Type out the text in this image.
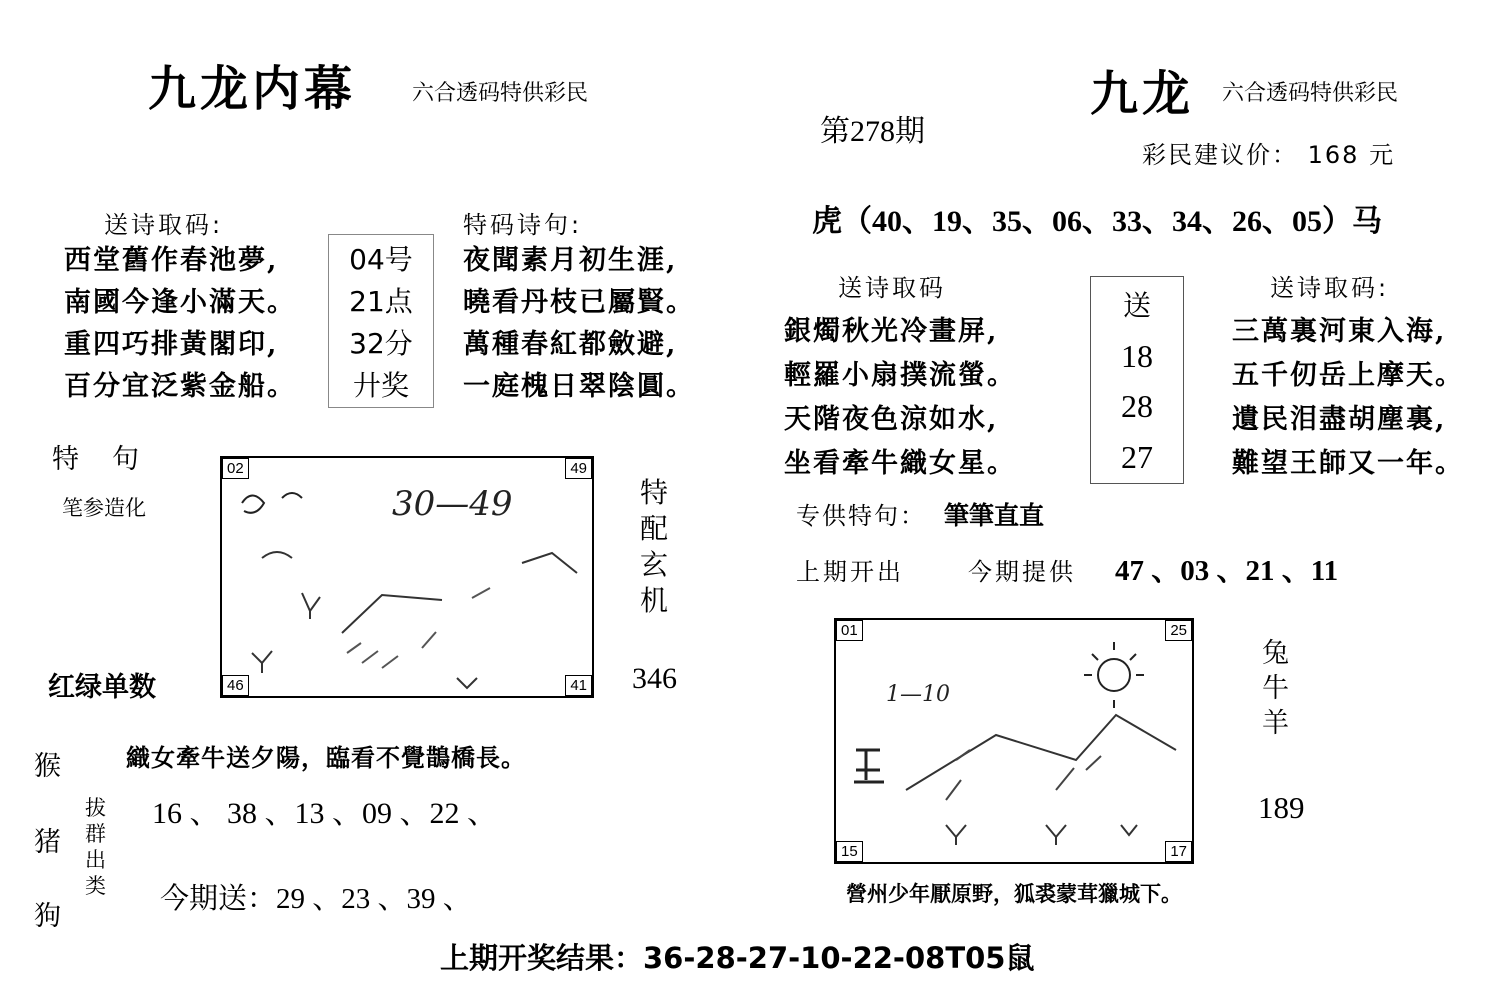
九龙内幕	六合透码特供彩民
送诗取码:
西堂舊作春池夢,
南國今逢小滿天。
重四巧排黃閣印,
百分宜泛紫金船。
04号
21点
32分
廾奖
特码诗句:
夜聞素月初生涯,
曉看丹枝已屬賢。
萬種春紅都斂避,
一庭槐日翠陰圓。
特　句
笔参造化	30—49
02	49
46	41
特
配
玄
机
红绿单数	346
猴
猪
狗
織女牽牛送夕陽，臨看不覺鵲橋長。
拔
群
出
类
16 、 38 、13 、09 、22 、
今期送：29 、23 、39 、
第278期
九龙 六合透码特供彩民
彩民建议价： 168 元
虎（40、19、35、06、33、34、26、05）马
送诗取码
銀燭秋光冷畫屏,
輕羅小扇撲流螢。
天階夜色涼如水,
坐看牽牛織女星。
送
18
28
27
送诗取码:
三萬裏河東入海,
五千仞岳上摩天。
遺民泪盡胡塵裏,
難望王師又一年。
专供特句： 筆筆直直
上期开出	今期提供 47 、03 、21 、11
1—10
01	25
15	17
兔
牛
羊
189
營州少年厭原野，狐裘蒙茸獵城下。
上期开奖结果：36-28-27-10-22-08T05鼠
